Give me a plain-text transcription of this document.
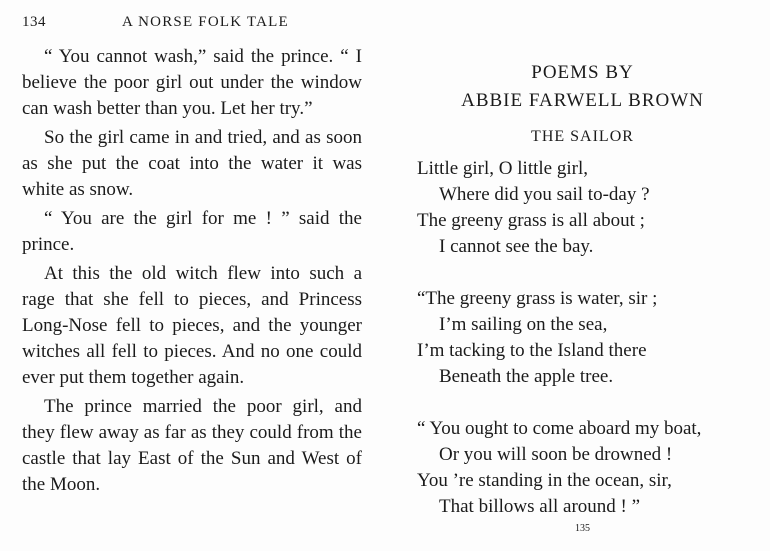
134	A NORSE FOLK TALE

“ You cannot wash,” said the prince. “ I believe the poor girl out under the window can wash better than you. Let her try.”

So the girl came in and tried, and as soon as she put the coat into the water it was white as snow.

“ You are the girl for me ! ” said the prince.

At this the old witch flew into such a rage that she fell to pieces, and Princess Long-Nose fell to pieces, and the younger witches all fell to pieces. And no one could ever put them together again.

The prince married the poor girl, and they flew away as far as they could from the castle that lay East of the Sun and West of the Moon.

POEMS BY
ABBIE FARWELL BROWN
THE SAILOR
Little girl, O little girl,
Where did you sail to-day ?
The greeny grass is all about ;
I cannot see the bay.
“The greeny grass is water, sir ;
I’m sailing on the sea,
I’m tacking to the Island there
Beneath the apple tree.
“ You ought to come aboard my boat,
Or you will soon be drowned !
You ’re standing in the ocean, sir,
That billows all around ! ”
135
